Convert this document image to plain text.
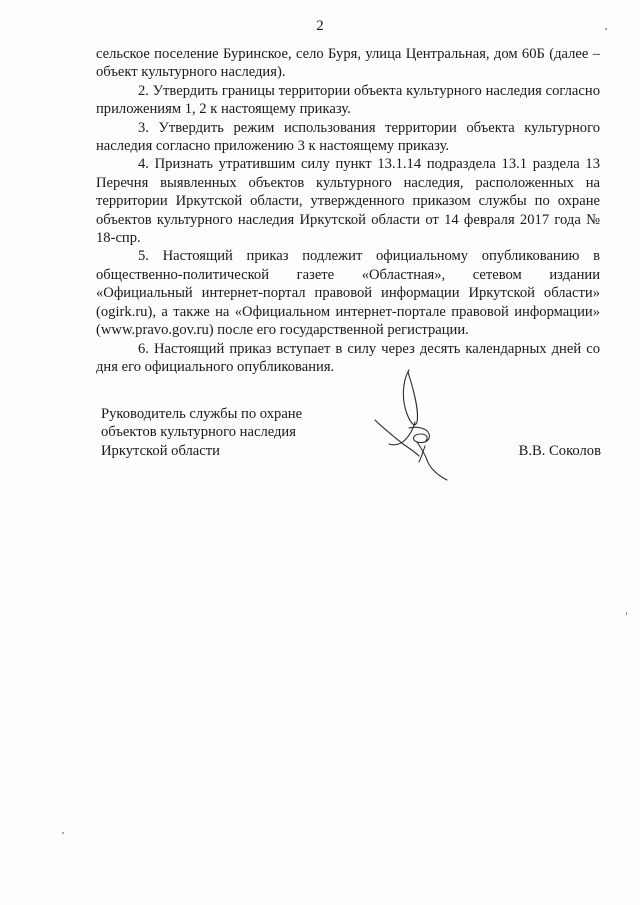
2

сельское поселение Буринское, село Буря, улица Центральная, дом 60Б (далее – объект культурного наследия).

2. Утвердить границы территории объекта культурного наследия согласно приложениям 1, 2 к настоящему приказу.

3. Утвердить режим использования территории объекта культурного наследия согласно приложению 3 к настоящему приказу.

4. Признать утратившим силу пункт 13.1.14 подраздела 13.1 раздела 13 Перечня выявленных объектов культурного наследия, расположенных на территории Иркутской области, утвержденного приказом службы по охране объектов культурного наследия Иркутской области от 14 февраля 2017 года № 18-спр.

5. Настоящий приказ подлежит официальному опубликованию в общественно-политической газете «Областная», сетевом издании «Официальный интернет-портал правовой информации Иркутской области» (ogirk.ru), а также на «Официальном интернет-портале правовой информации» (www.pravo.gov.ru) после его государственной регистрации.

6. Настоящий приказ вступает в силу через десять календарных дней со дня его официального опубликования.

Руководитель службы по охране
объектов культурного наследия
Иркутской области	В.В. Соколов
